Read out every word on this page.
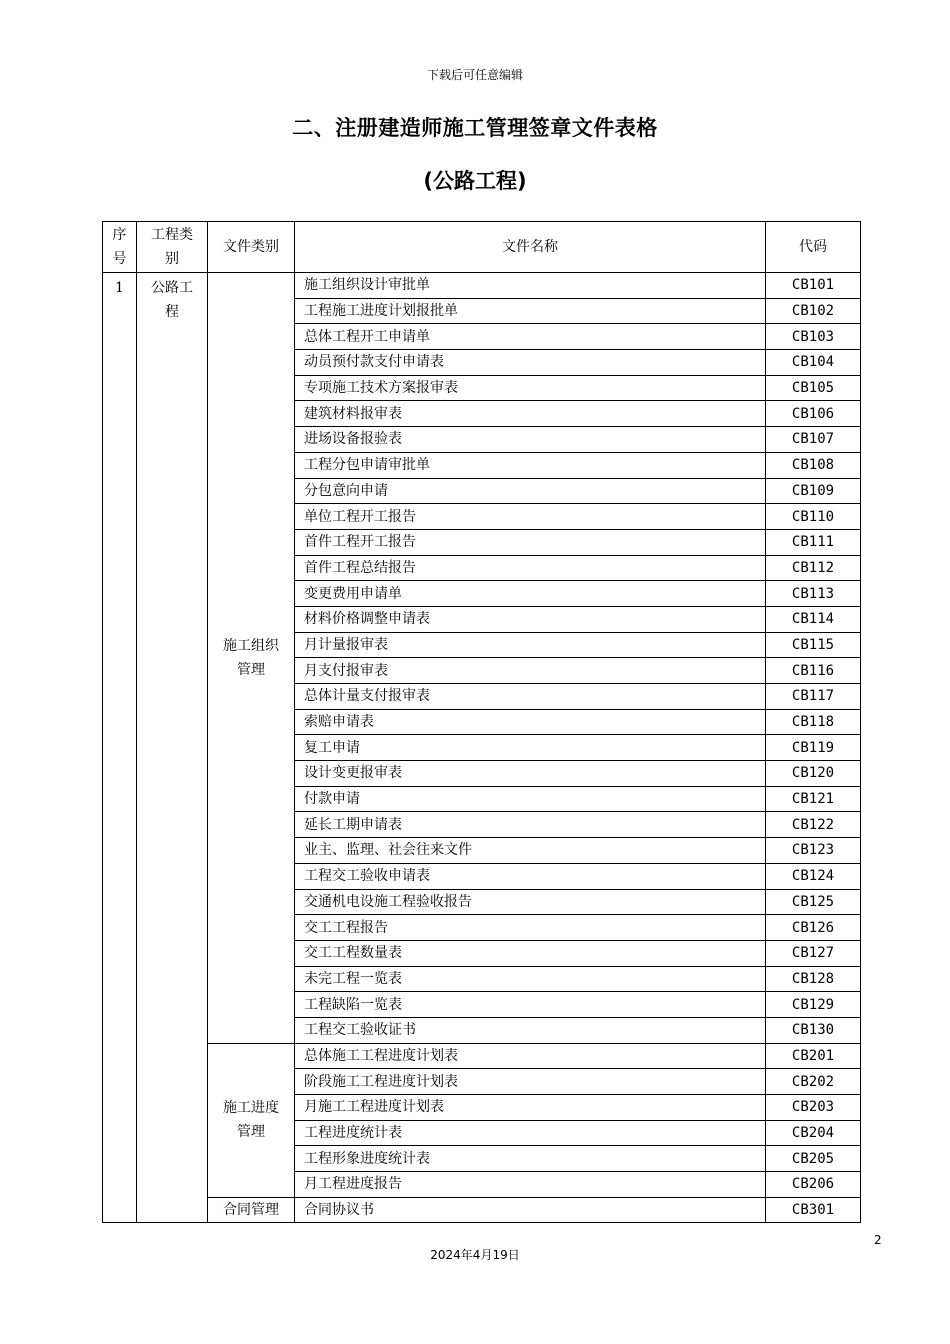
下载后可任意编辑
二、注册建造师施工管理签章文件表格
(公路工程)
序号	工程类别	文件类别	文件名称	代码
1	公路工程	施工组织管理	施工组织设计审批单	CB101
			工程施工进度计划报批单	CB102
			总体工程开工申请单	CB103
			动员预付款支付申请表	CB104
			专项施工技术方案报审表	CB105
			建筑材料报审表	CB106
			进场设备报验表	CB107
			工程分包申请审批单	CB108
			分包意向申请	CB109
			单位工程开工报告	CB110
			首件工程开工报告	CB111
			首件工程总结报告	CB112
			变更费用申请单	CB113
			材料价格调整申请表	CB114
			月计量报审表	CB115
			月支付报审表	CB116
			总体计量支付报审表	CB117
			索赔申请表	CB118
			复工申请	CB119
			设计变更报审表	CB120
			付款申请	CB121
			延长工期申请表	CB122
			业主、监理、社会往来文件	CB123
			工程交工验收申请表	CB124
			交通机电设施工程验收报告	CB125
			交工工程报告	CB126
			交工工程数量表	CB127
			未完工程一览表	CB128
			工程缺陷一览表	CB129
			工程交工验收证书	CB130
		施工进度管理	总体施工工程进度计划表	CB201
			阶段施工工程进度计划表	CB202
			月施工工程进度计划表	CB203
			工程进度统计表	CB204
			工程形象进度统计表	CB205
			月工程进度报告	CB206
		合同管理	合同协议书	CB301
2
2024年4月19日
